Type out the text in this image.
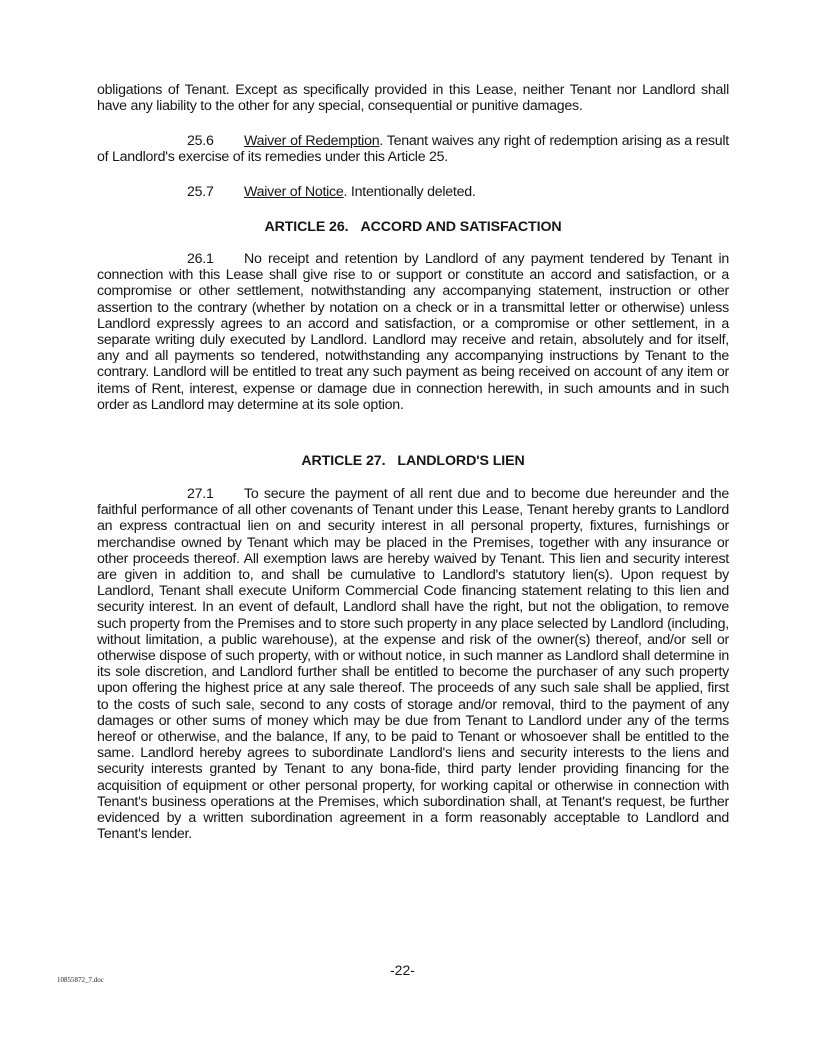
obligations of Tenant. Except as specifically provided in this Lease, neither Tenant nor Landlord shall have any liability to the other for any special, consequential or punitive damages.

25.6 Waiver of Redemption. Tenant waives any right of redemption arising as a result of Landlord's exercise of its remedies under this Article 25.

25.7 Waiver of Notice. Intentionally deleted.

ARTICLE 26. ACCORD AND SATISFACTION

26.1 No receipt and retention by Landlord of any payment tendered by Tenant in connection with this Lease shall give rise to or support or constitute an accord and satisfaction, or a compromise or other settlement, notwithstanding any accompanying statement, instruction or other assertion to the contrary (whether by notation on a check or in a transmittal letter or otherwise) unless Landlord expressly agrees to an accord and satisfaction, or a compromise or other settlement, in a separate writing duly executed by Landlord. Landlord may receive and retain, absolutely and for itself, any and all payments so tendered, notwithstanding any accompanying instructions by Tenant to the contrary. Landlord will be entitled to treat any such payment as being received on account of any item or items of Rent, interest, expense or damage due in connection herewith, in such amounts and in such order as Landlord may determine at its sole option.

ARTICLE 27. LANDLORD'S LIEN

27.1 To secure the payment of all rent due and to become due hereunder and the faithful performance of all other covenants of Tenant under this Lease, Tenant hereby grants to Landlord an express contractual lien on and security interest in all personal property, fixtures, furnishings or merchandise owned by Tenant which may be placed in the Premises, together with any insurance or other proceeds thereof. All exemption laws are hereby waived by Tenant. This lien and security interest are given in addition to, and shall be cumulative to Landlord's statutory lien(s). Upon request by Landlord, Tenant shall execute Uniform Commercial Code financing statement relating to this lien and security interest. In an event of default, Landlord shall have the right, but not the obligation, to remove such property from the Premises and to store such property in any place selected by Landlord (including, without limitation, a public warehouse), at the expense and risk of the owner(s) thereof, and/or sell or otherwise dispose of such property, with or without notice, in such manner as Landlord shall determine in its sole discretion, and Landlord further shall be entitled to become the purchaser of any such property upon offering the highest price at any sale thereof. The proceeds of any such sale shall be applied, first to the costs of such sale, second to any costs of storage and/or removal, third to the payment of any damages or other sums of money which may be due from Tenant to Landlord under any of the terms hereof or otherwise, and the balance, If any, to be paid to Tenant or whosoever shall be entitled to the same. Landlord hereby agrees to subordinate Landlord's liens and security interests to the liens and security interests granted by Tenant to any bona-fide, third party lender providing financing for the acquisition of equipment or other personal property, for working capital or otherwise in connection with Tenant's business operations at the Premises, which subordination shall, at Tenant's request, be further evidenced by a written subordination agreement in a form reasonably acceptable to Landlord and Tenant's lender.

-22-
10855872_7.doc
